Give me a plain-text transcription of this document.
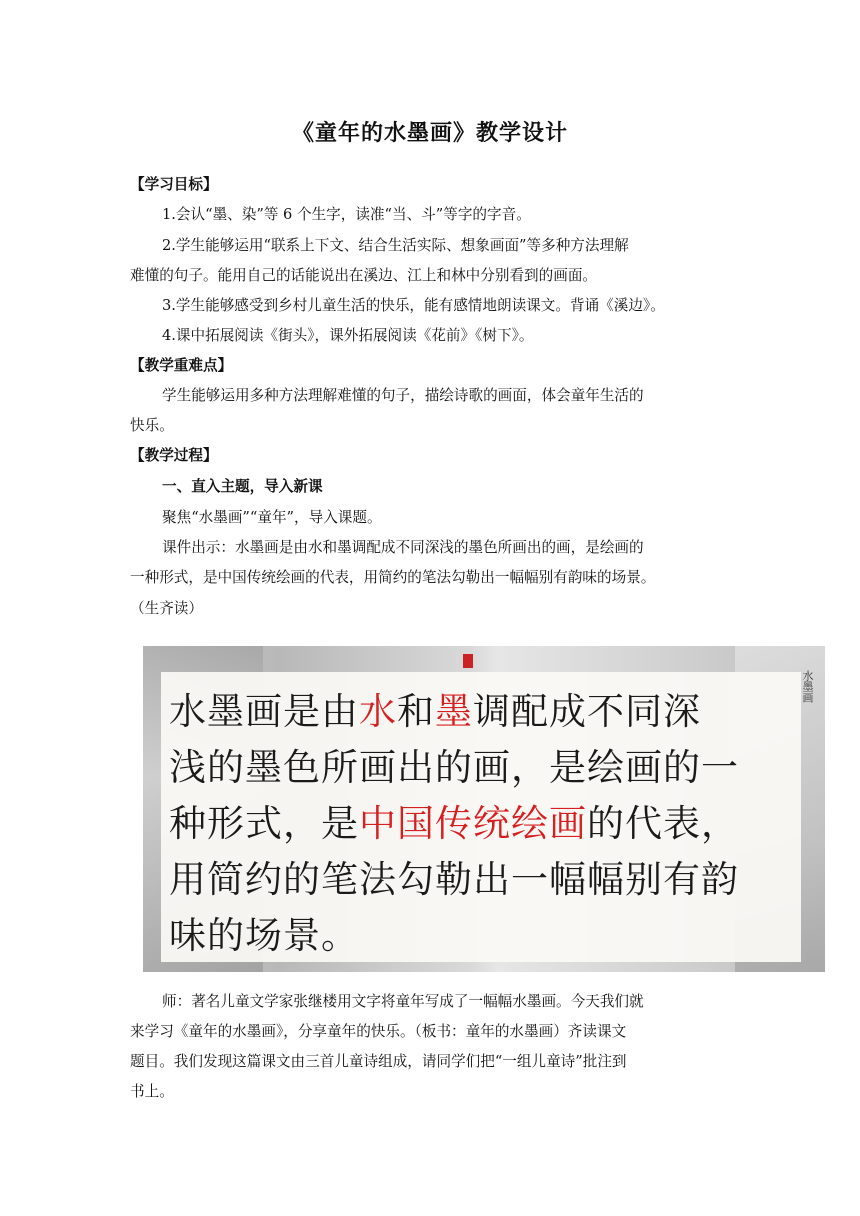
《童年的水墨画》教学设计
【学习目标】
1.会认“墨、染”等 6 个生字，读准“当、斗”等字的字音。
2.学生能够运用“联系上下文、结合生活实际、想象画面”等多种方法理解
难懂的句子。能用自己的话能说出在溪边、江上和林中分别看到的画面。
3.学生能够感受到乡村儿童生活的快乐，能有感情地朗读课文。背诵《溪边》。
4.课中拓展阅读《街头》，课外拓展阅读《花前》《树下》。
【教学重难点】
学生能够运用多种方法理解难懂的句子，描绘诗歌的画面，体会童年生活的
快乐。
【教学过程】
一、直入主题，导入新课
聚焦“水墨画”“童年”，导入课题。
课件出示：水墨画是由水和墨调配成不同深浅的墨色所画出的画，是绘画的
一种形式，是中国传统绘画的代表，用简约的笔法勾勒出一幅幅别有韵味的场景。
（生齐读）
水墨画
水墨画是由水和墨调配成不同深
浅的墨色所画出的画，是绘画的一
种形式，是中国传统绘画的代表，
用简约的笔法勾勒出一幅幅别有韵
味的场景。
师：著名儿童文学家张继楼用文字将童年写成了一幅幅水墨画。今天我们就
来学习《童年的水墨画》，分享童年的快乐。（板书：童年的水墨画）齐读课文
题目。我们发现这篇课文由三首儿童诗组成，请同学们把“一组儿童诗”批注到
书上。
